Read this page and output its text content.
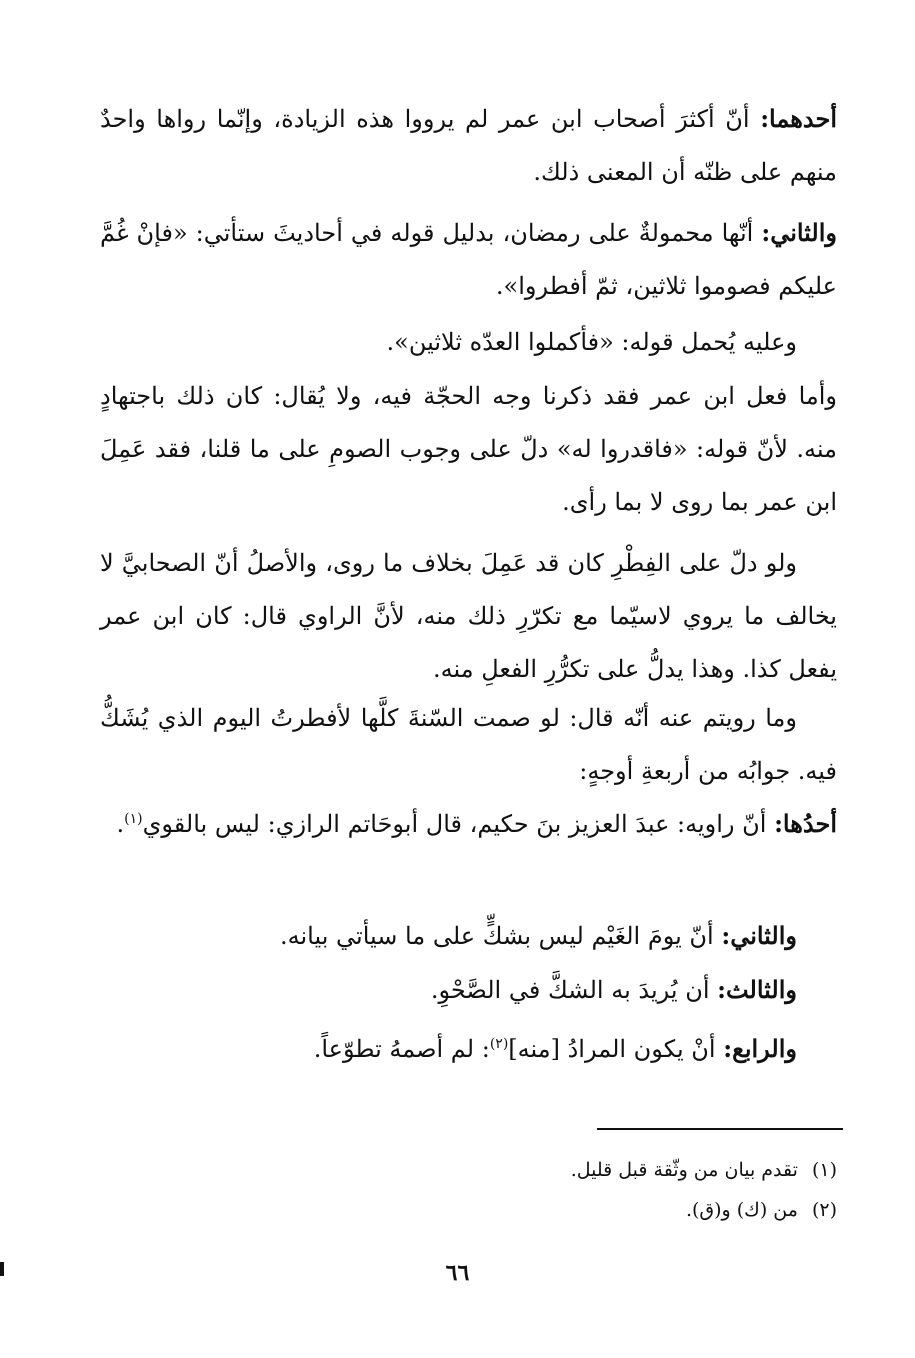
أحدهما: أنّ أكثرَ أصحاب ابن عمر لم يرووا هذه الزيادة، وإنّما رواها واحدٌ منهم على ظنّه أن المعنى ذلك.

والثاني: أنّها محمولةٌ على رمضان، بدليل قوله في أحاديثَ ستأتي: «فإنْ غُمَّ عليكم فصوموا ثلاثين، ثمّ أفطروا».

وعليه يُحمل قوله: «فأكملوا العدّه ثلاثين».

وأما فعل ابن عمر فقد ذكرنا وجه الحجّة فيه، ولا يُقال: كان ذلك باجتهادٍ منه. لأنّ قوله: «فاقدروا له» دلّ على وجوب الصومِ على ما قلنا، فقد عَمِلَ ابن عمر بما روى لا بما رأى.

ولو دلّ على الفِطْرِ كان قد عَمِلَ بخلاف ما روى، والأصلُ أنّ الصحابيَّ لا يخالف ما يروي لاسيّما مع تكرّرِ ذلك منه، لأنَّ الراوي قال: كان ابن عمر يفعل كذا. وهذا يدلُّ على تكرُّرِ الفعلِ منه.

وما رويتم عنه أنّه قال: لو صمت السّنةَ كلَّها لأفطرتُ اليوم الذي يُشَكُّ فيه. جوابُه من أربعةِ أوجهٍ:

أحدُها: أنّ راويه: عبدَ العزيز بنَ حكيم، قال أبوحَاتم الرازي: ليس بالقوي$^{(١)}$.

والثاني: أنّ يومَ الغَيْم ليس بشكٍّ على ما سيأتي بيانه.

والثالث: أن يُريدَ به الشكَّ في الصَّحْوِ.

والرابع: أنْ يكون المرادُ [منه]$^{(٢)}$: لم أصمهُ تطوّعاً.

(١)تقدم بيان من وثّقة قبل قليل.

(٢)من (ك) و(ق).

٦٦
